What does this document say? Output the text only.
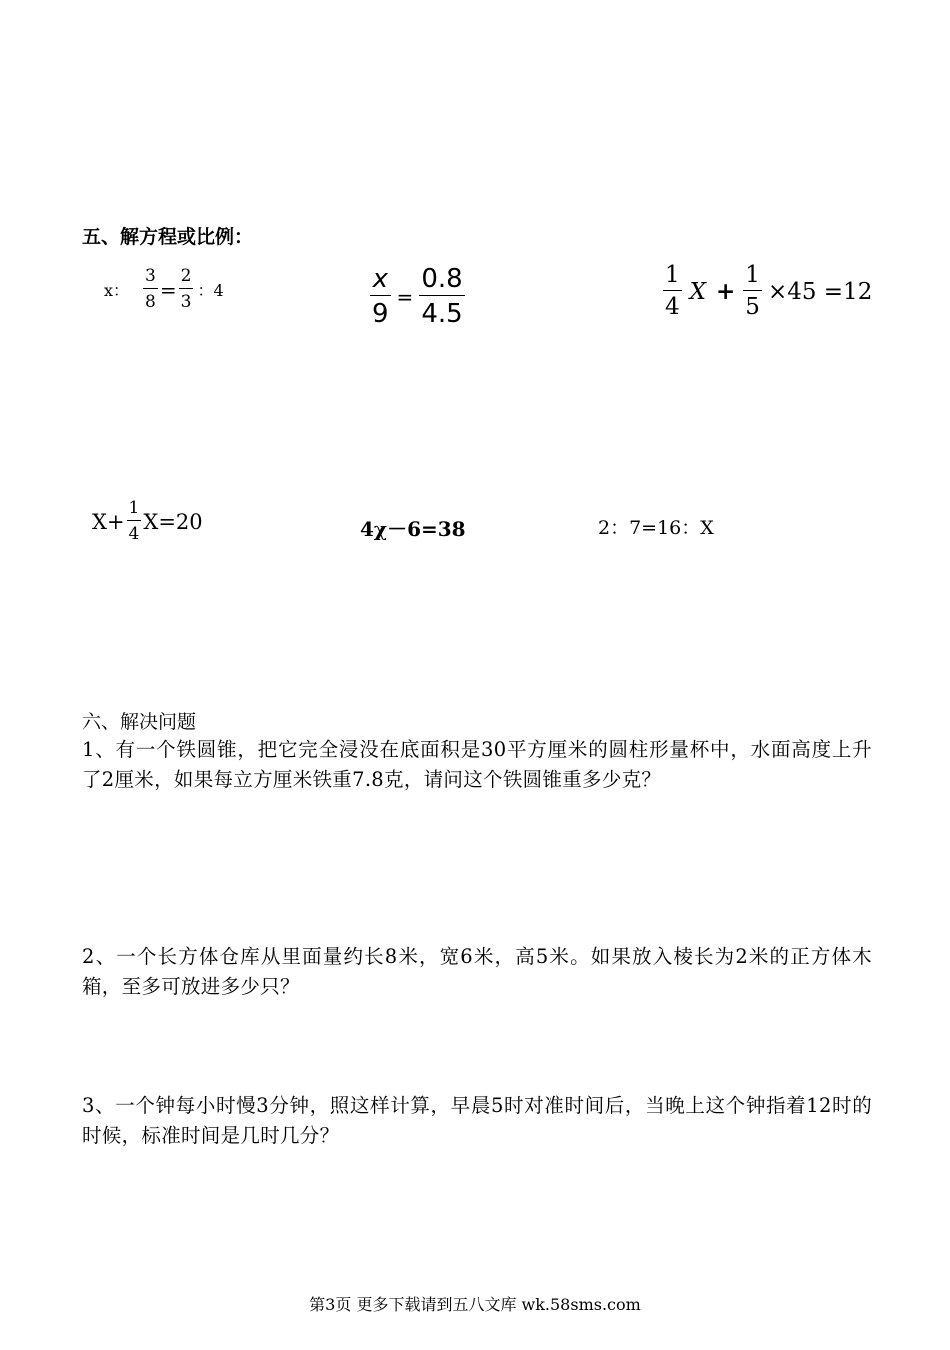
五、解方程或比例：
x： $\frac{3}{8} = \frac{2}{3}$ ：4	$\frac{x}{9} = \frac{0.8}{4.5}$	$\frac{1}{4}$ $X + \frac{1}{5} \times 45 =12$
$X+ \frac{1}{4} X=20$	4χ－6=38	2：7=16：X
六、解决问题
1、有一个铁圆锥，把它完全浸没在底面积是30平方厘米的圆柱形量杯中，水面高度上升了2厘米，如果每立方厘米铁重7.8克，请问这个铁圆锥重多少克？
2、一个长方体仓库从里面量约长8米，宽6米，高5米。如果放入棱长为2米的正方体木箱，至多可放进多少只？
3、一个钟每小时慢3分钟，照这样计算，早晨5时对准时间后，当晚上这个钟指着12时的时候，标准时间是几时几分？
第3页 更多下载请到五八文库 wk.58sms.com
